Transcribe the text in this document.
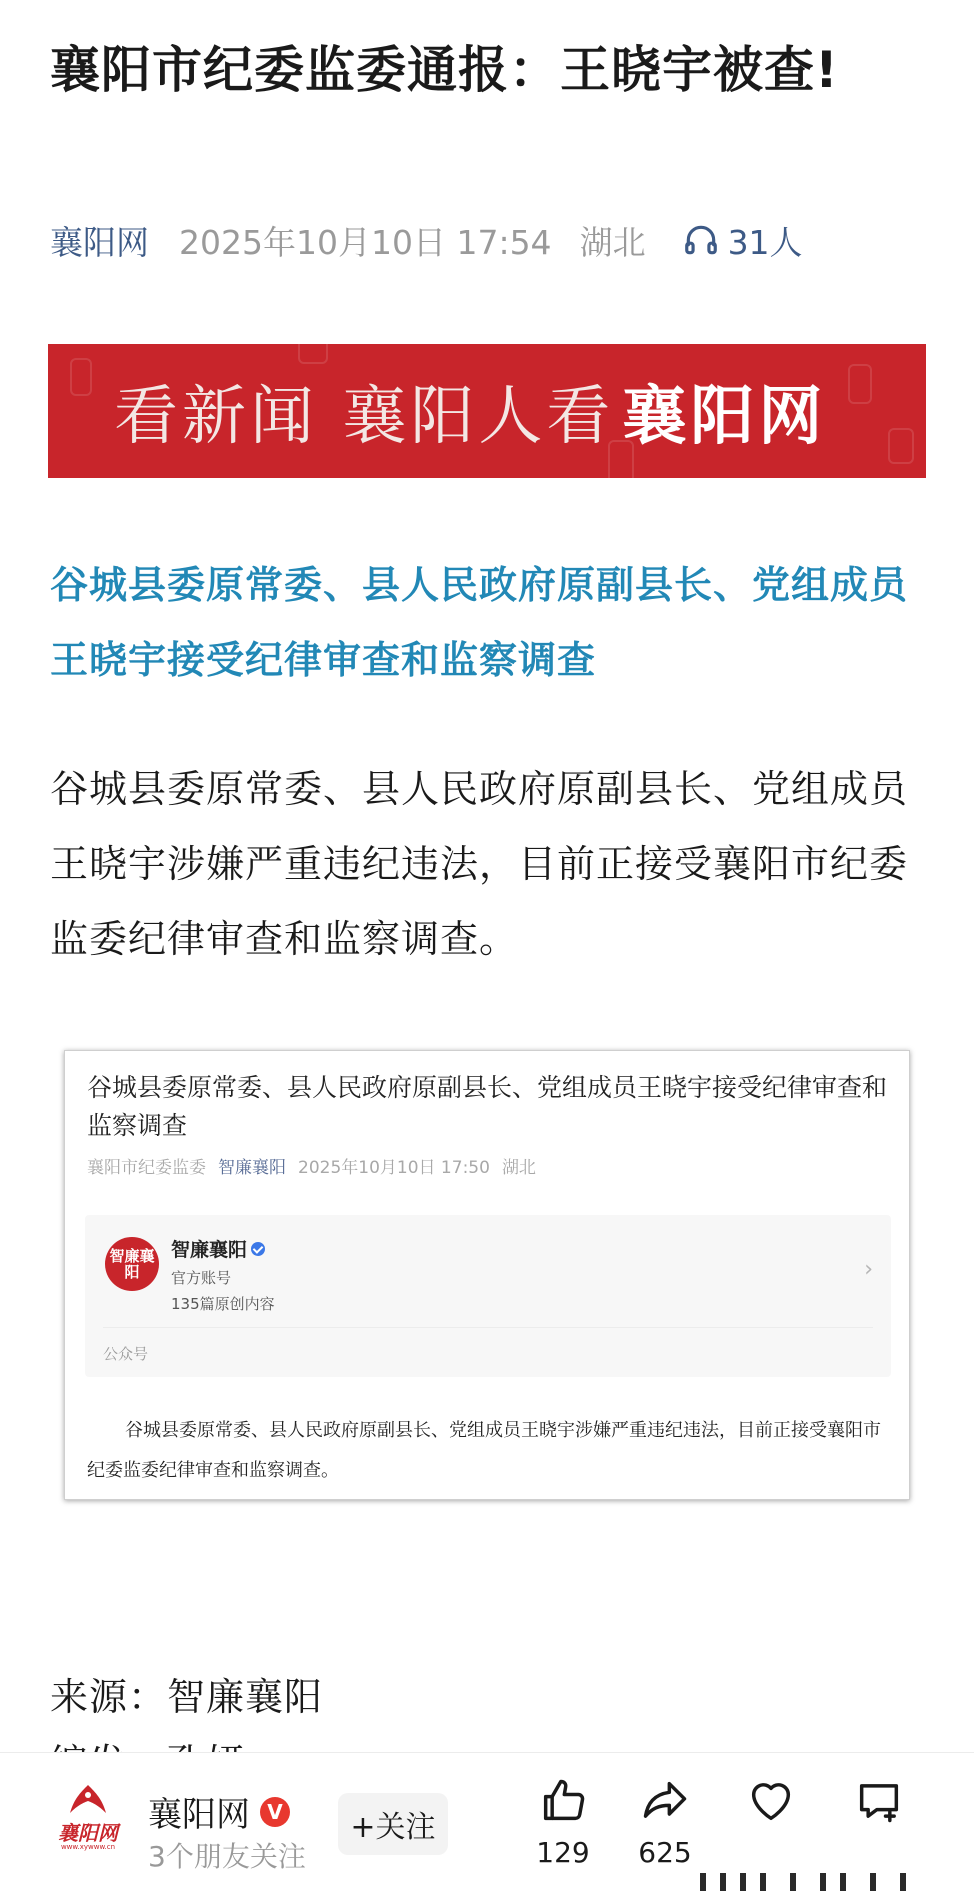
襄阳市纪委监委通报：王晓宇被查!
襄阳网 2025年10月10日 17:54 湖北 31人
看新闻 襄阳人看 襄阳网

谷城县委原常委、县人民政府原副县长、党组成员王晓宇接受纪律审查和监察调查

谷城县委原常委、县人民政府原副县长、党组成员王晓宇涉嫌严重违纪违法，目前正接受襄阳市纪委监委纪律审查和监察调查。

谷城县委原常委、县人民政府原副县长、党组成员王晓宇接受纪律审查和监察调查
襄阳市纪委监委 智廉襄阳 2025年10月10日 17:50 湖北
智廉襄阳
智廉襄阳
官方账号
135篇原创内容
›
公众号
谷城县委原常委、县人民政府原副县长、党组成员王晓宇涉嫌严重违纪违法，目前正接受襄阳市纪委监委纪律审查和监察调查。
来源：智廉襄阳
襄阳网
www.xywww.cn
襄阳网 V
3个朋友关注
+关注
129	625
